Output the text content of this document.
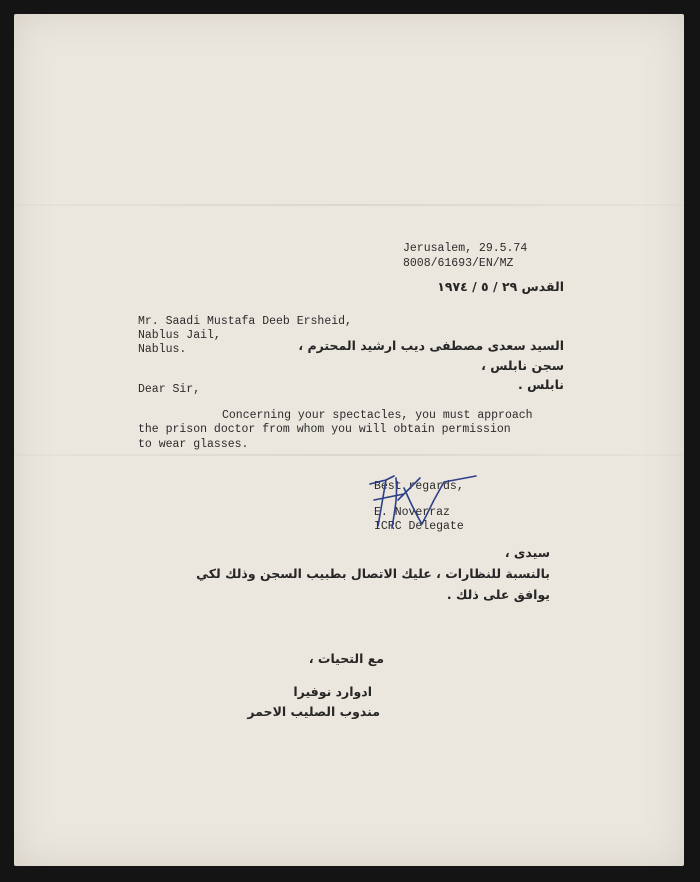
Jerusalem, 29.5.74
8008/61693/EN/MZ
القدس ٢٩ / ٥ / ١٩٧٤
Mr. Saadi Mustafa Deeb Ersheid,
Nablus Jail,
Nablus.	السيد سعدى مصطفى ديب ارشيد المحترم ،
سجن نابلس ،
نابلس .
Dear Sir,
Concerning your spectacles, you must approach
the prison doctor from whom you will obtain permission
to wear glasses.
Best regards,
E. Noverraz
ICRC Delegate
سيدى ،
بالنسبة للنظارات ، عليك الاتصال بطبيب السجن وذلك لكي
يوافق على ذلك .
مع التحيات ،
ادوارد نوفيرا
مندوب الصليب الاحمر
